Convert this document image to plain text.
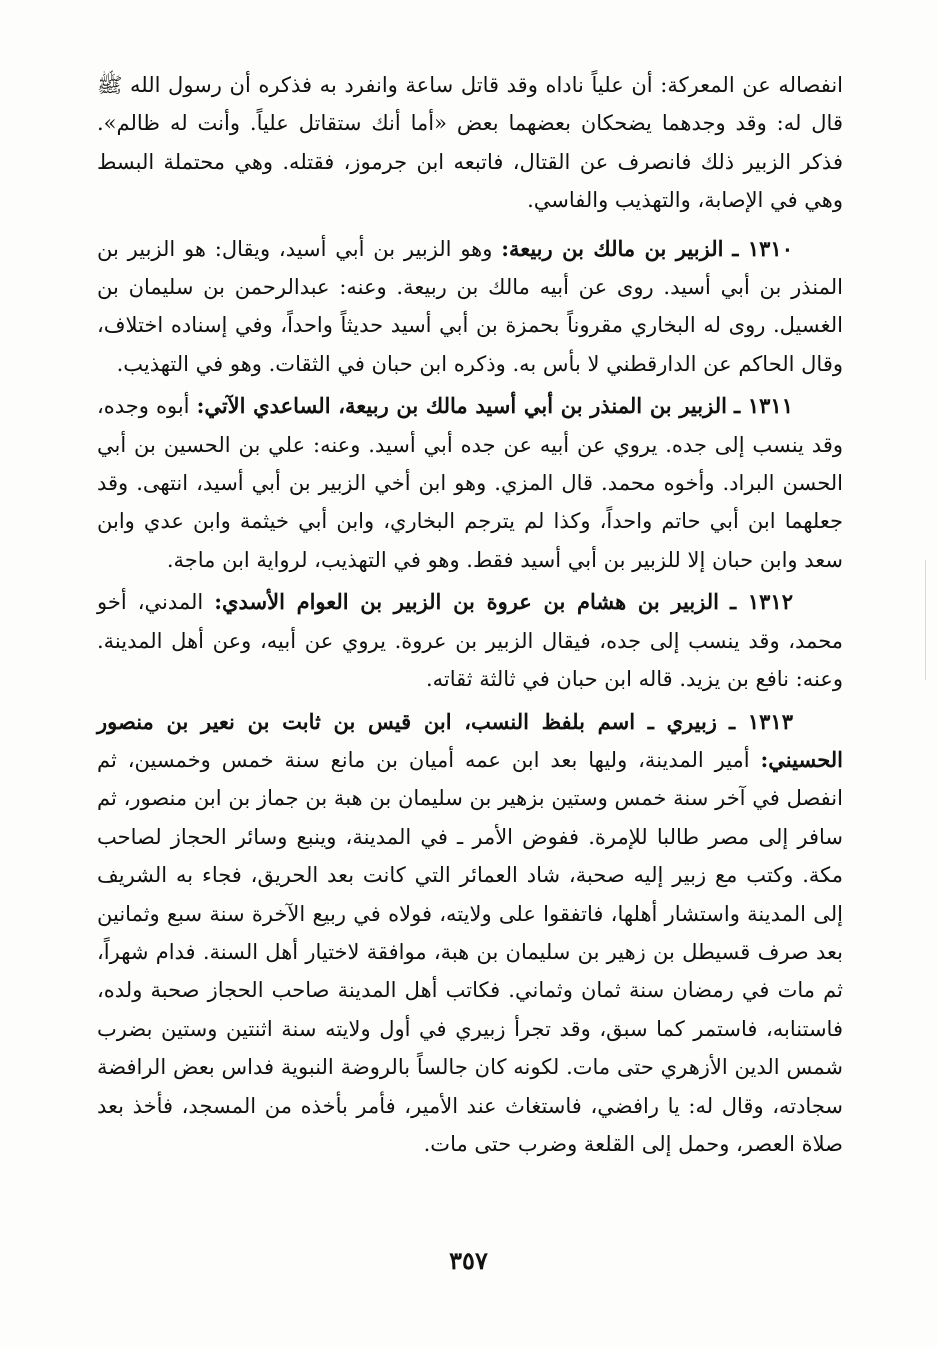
انفصاله عن المعركة: أن علياً ناداه وقد قاتل ساعة وانفرد به فذكره أن رسول الله ﷺ قال له: وقد وجدهما يضحكان بعضهما بعض «أما أنك ستقاتل علياً. وأنت له ظالم». فذكر الزبير ذلك فانصرف عن القتال، فاتبعه ابن جرموز، فقتله. وهي محتملة البسط وهي في الإصابة، والتهذيب والفاسي.

١٣١٠ ـ الزبير بن مالك بن ربيعة: وهو الزبير بن أبي أسيد، ويقال: هو الزبير بن المنذر بن أبي أسيد. روى عن أبيه مالك بن ربيعة. وعنه: عبدالرحمن بن سليمان بن الغسيل. روى له البخاري مقروناً بحمزة بن أبي أسيد حديثاً واحداً، وفي إسناده اختلاف، وقال الحاكم عن الدارقطني لا بأس به. وذكره ابن حبان في الثقات. وهو في التهذيب.

١٣١١ ـ الزبير بن المنذر بن أبي أسيد مالك بن ربيعة، الساعدي الآتي: أبوه وجده، وقد ينسب إلى جده. يروي عن أبيه عن جده أبي أسيد. وعنه: علي بن الحسين بن أبي الحسن البراد. وأخوه محمد. قال المزي. وهو ابن أخي الزبير بن أبي أسيد، انتهى. وقد جعلهما ابن أبي حاتم واحداً، وكذا لم يترجم البخاري، وابن أبي خيثمة وابن عدي وابن سعد وابن حبان إلا للزبير بن أبي أسيد فقط. وهو في التهذيب، لرواية ابن ماجة.

١٣١٢ ـ الزبير بن هشام بن عروة بن الزبير بن العوام الأسدي: المدني، أخو محمد، وقد ينسب إلى جده، فيقال الزبير بن عروة. يروي عن أبيه، وعن أهل المدينة. وعنه: نافع بن يزيد. قاله ابن حبان في ثالثة ثقاته.

١٣١٣ ـ زبيري ـ اسم بلفظ النسب، ابن قيس بن ثابت بن نعير بن منصور الحسيني: أمير المدينة، وليها بعد ابن عمه أميان بن مانع سنة خمس وخمسين، ثم انفصل في آخر سنة خمس وستين بزهير بن سليمان بن هبة بن جماز بن ابن منصور، ثم سافر إلى مصر طالبا للإمرة. ففوض الأمر ـ في المدينة، وينبع وسائر الحجاز لصاحب مكة. وكتب مع زبير إليه صحبة، شاد العمائر التي كانت بعد الحريق، فجاء به الشريف إلى المدينة واستشار أهلها، فاتفقوا على ولايته، فولاه في ربيع الآخرة سنة سبع وثمانين بعد صرف قسيطل بن زهير بن سليمان بن هبة، موافقة لاختيار أهل السنة. فدام شهراً، ثم مات في رمضان سنة ثمان وثماني. فكاتب أهل المدينة صاحب الحجاز صحبة ولده، فاستنابه، فاستمر كما سبق، وقد تجرأ زبيري في أول ولايته سنة اثنتين وستين بضرب شمس الدين الأزهري حتى مات. لكونه كان جالساً بالروضة النبوية فداس بعض الرافضة سجادته، وقال له: يا رافضي، فاستغاث عند الأمير، فأمر بأخذه من المسجد، فأخذ بعد صلاة العصر، وحمل إلى القلعة وضرب حتى مات.

٣٥٧
